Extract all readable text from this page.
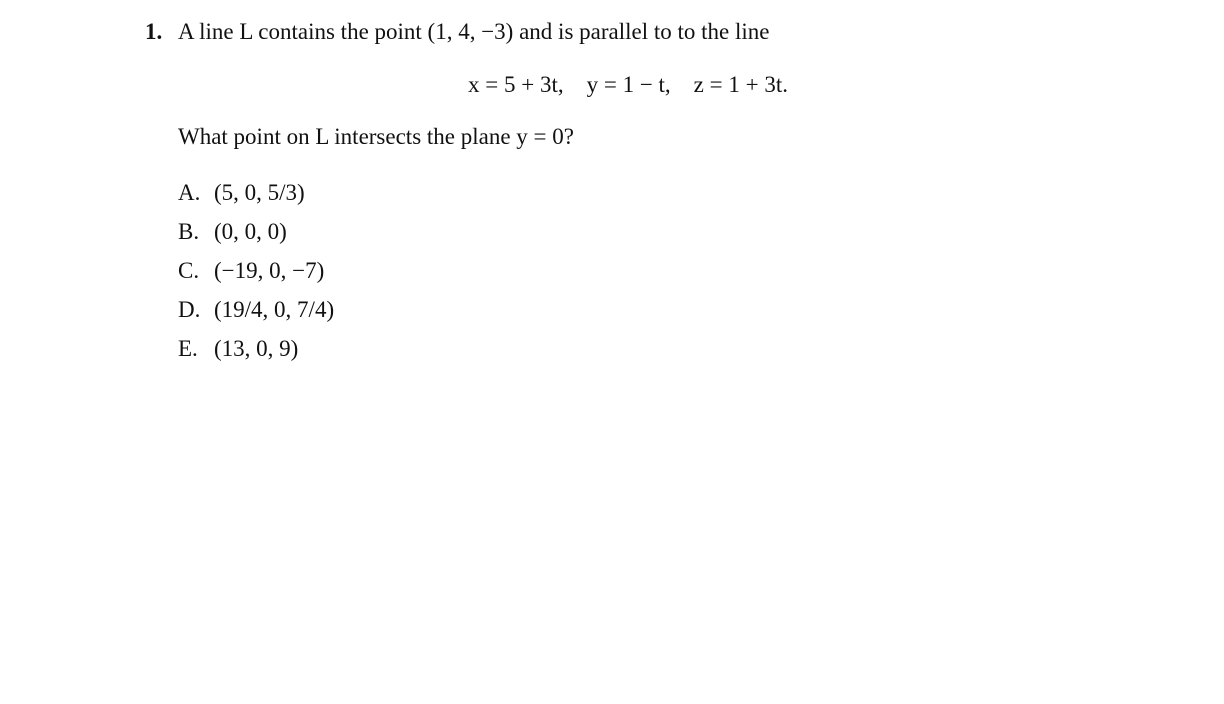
1. A line L contains the point (1, 4, −3) and is parallel to to the line
x = 5 + 3t,    y = 1 − t,    z = 1 + 3t.
What point on L intersects the plane y = 0?
A. (5, 0, 5/3)
B. (0, 0, 0)
C. (−19, 0, −7)
D. (19/4, 0, 7/4)
E. (13, 0, 9)
